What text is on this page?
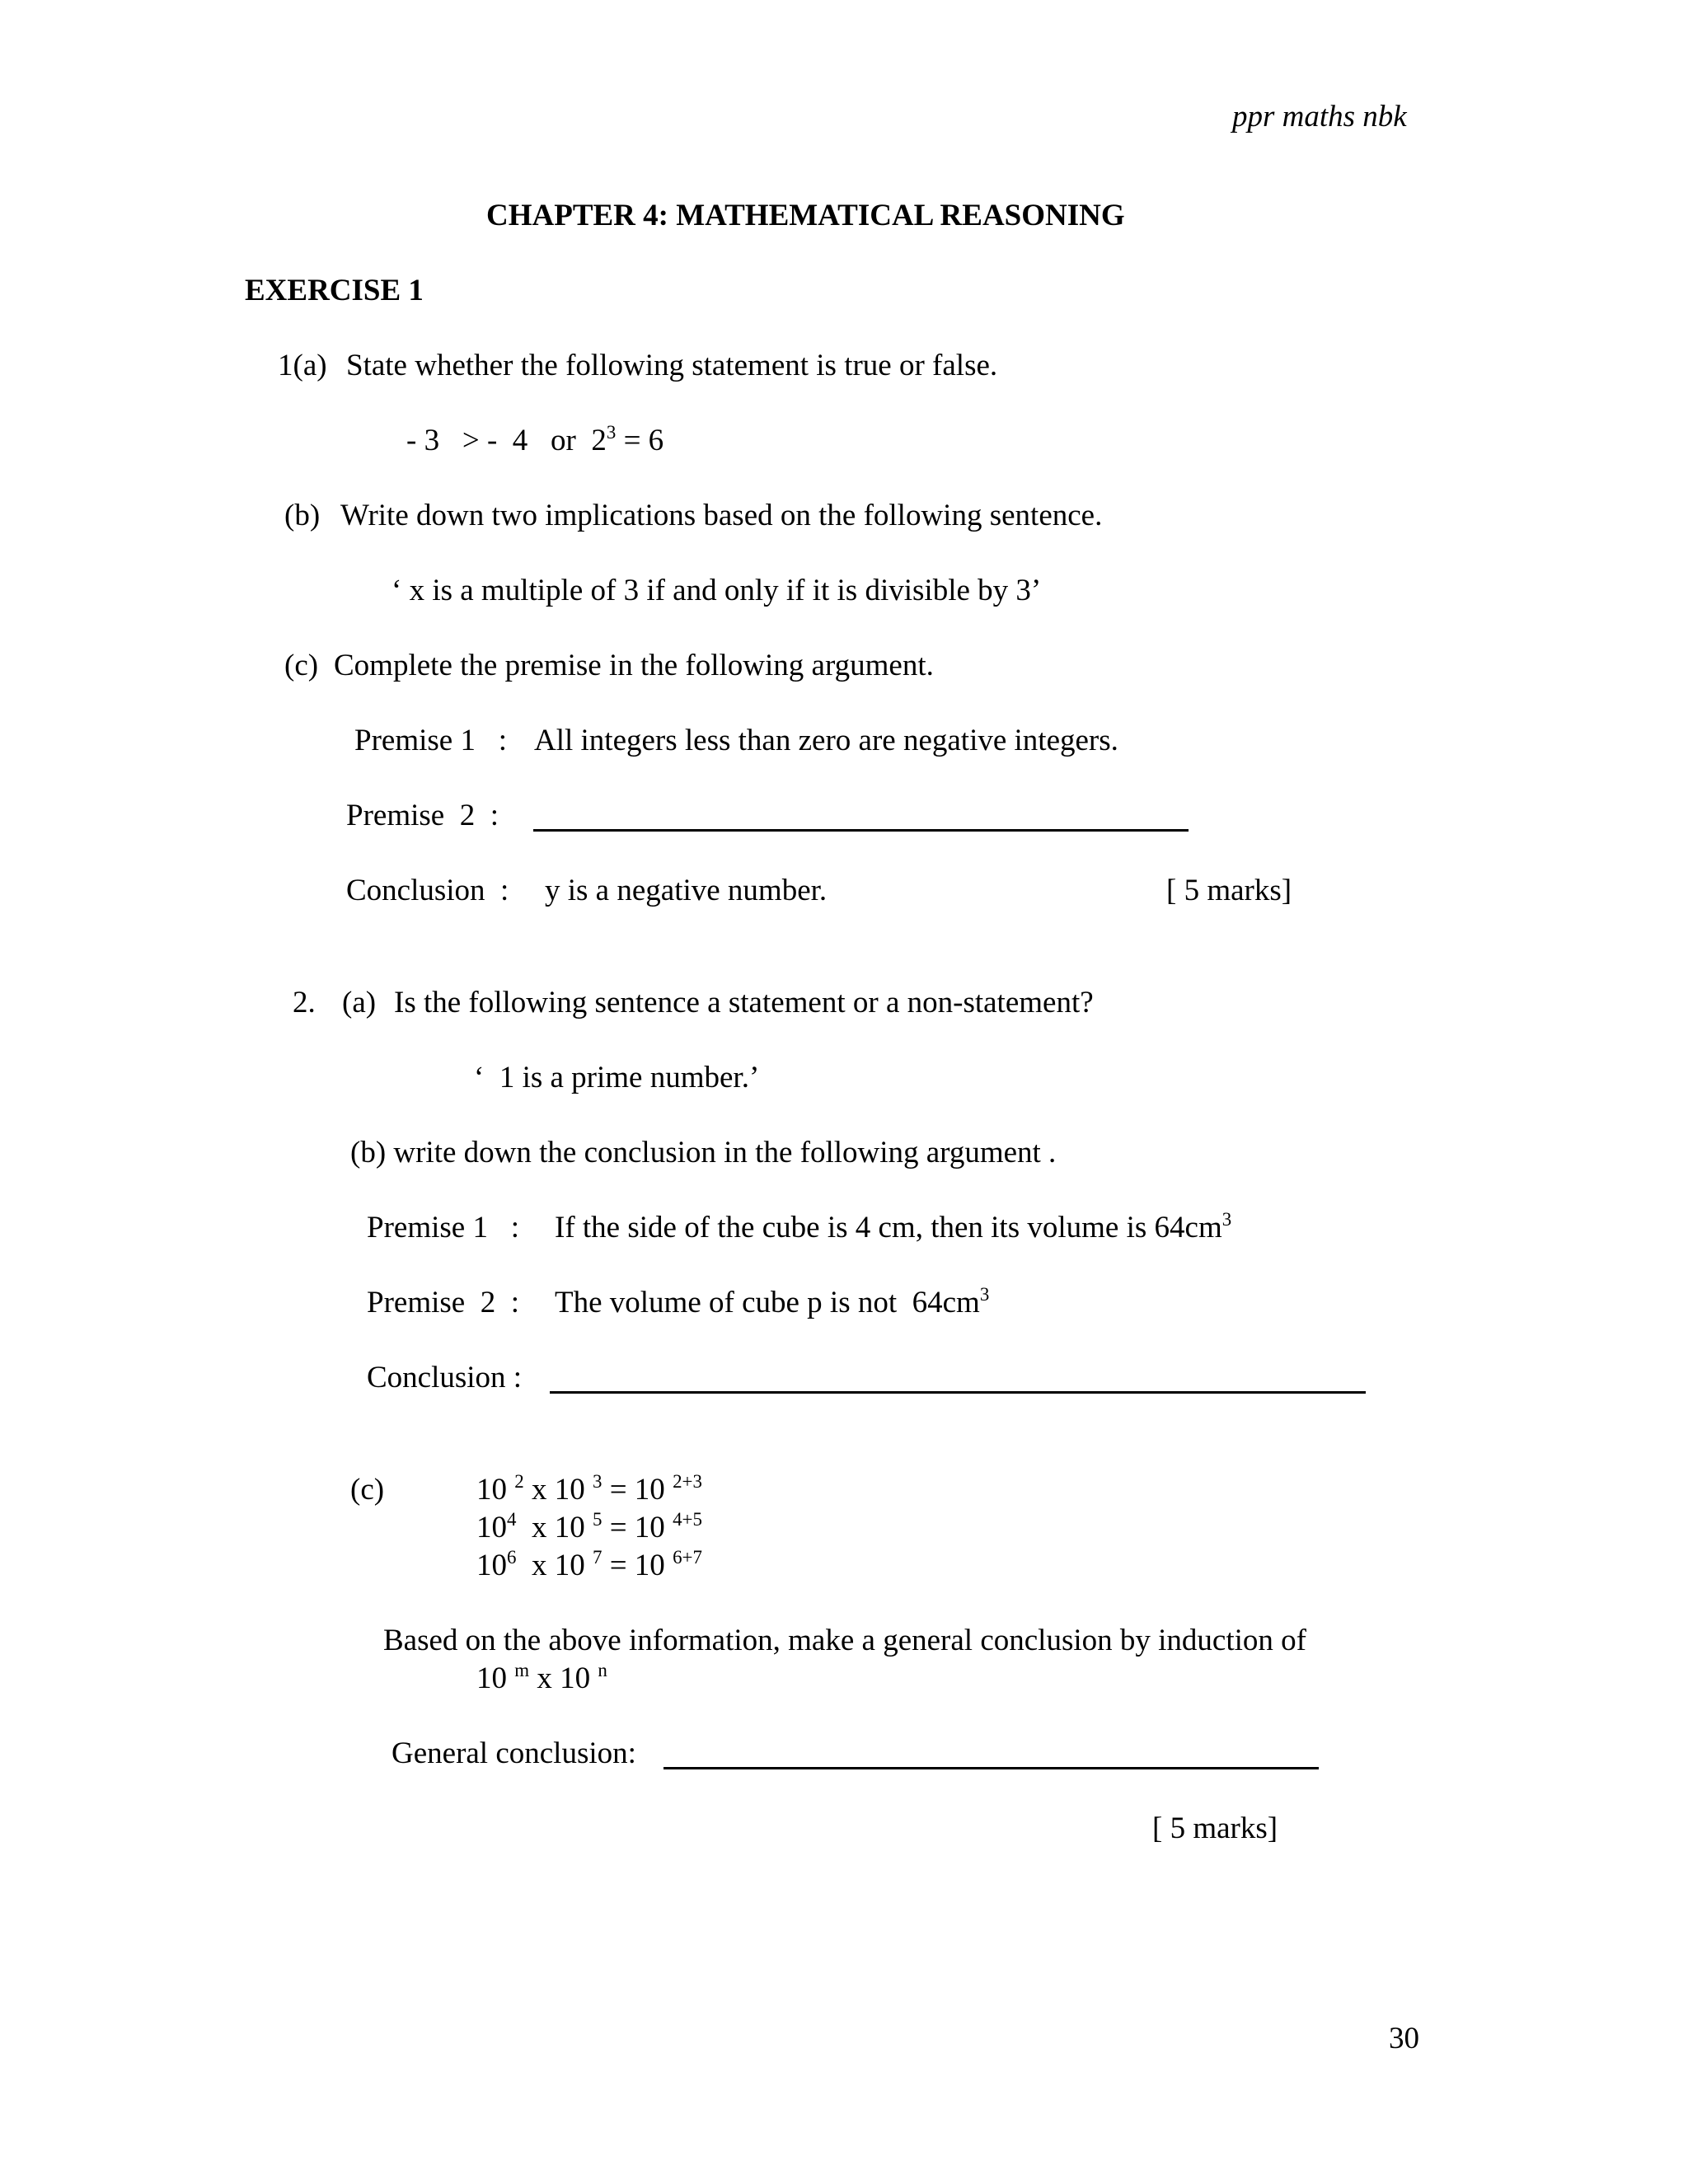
ppr maths nbk
CHAPTER 4: MATHEMATICAL REASONING
EXERCISE 1
1(a) State whether the following statement is true or false.
- 3   > -  4   or  $2^3 = 6$
(b) Write down two implications based on the following sentence.
‘ x is a multiple of 3 if and only if it is divisible by 3’
(c) Complete the premise in the following argument.
Premise 1   : All integers less than zero are negative integers.
Premise  2  :
Conclusion  : y is a negative number.	[ 5 marks]
2. (a) Is the following sentence a statement or a non-statement?
‘  1 is a prime number.’
(b) write down the conclusion in the following argument .
Premise 1   : If the side of the cube is 4 cm, then its volume is $64cm^3$
Premise  2  : The volume of cube p is not  $64cm^3$
Conclusion :
(c)	10 $^2$ x 10 $^3$ = 10 $^{2+3}$
$10^4$  x 10 $^5$ = 10 $^{4+5}$
$10^6$  x 10 $^7$ = 10 $^{6+7}$
Based on the above information, make a general conclusion by induction of
10 $^m$ x 10 $^n$
General conclusion:
[ 5 marks]
30
